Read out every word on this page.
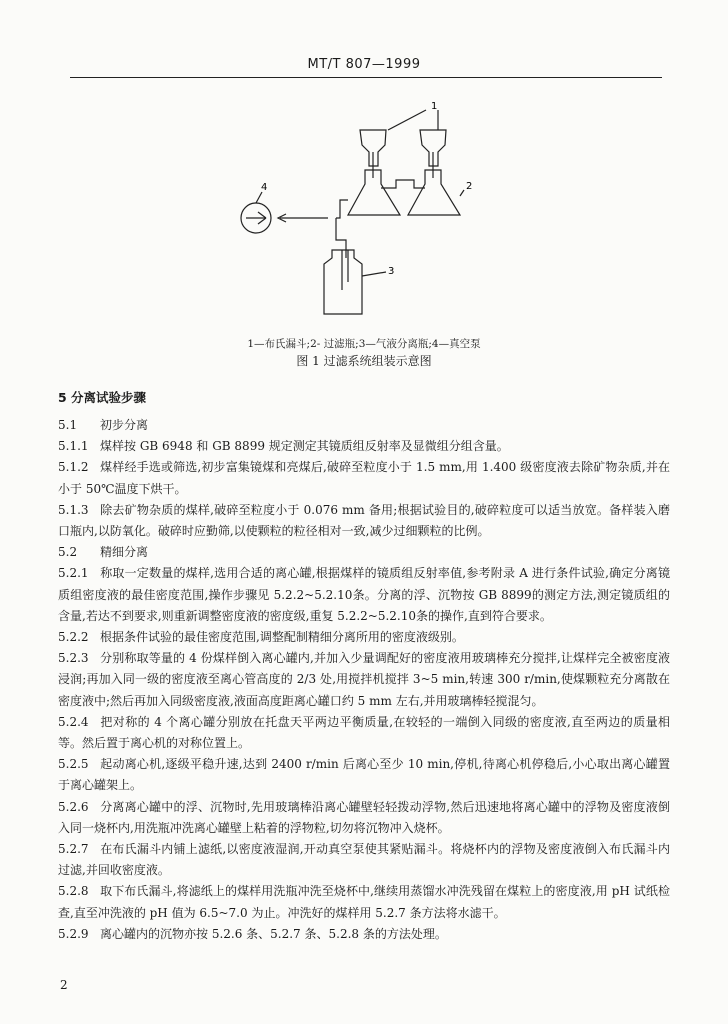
MT/T 807—1999
1
2
3
4
1—布氏漏斗;2- 过滤瓶;3—气液分离瓶;4—真空泵
图 1 过滤系统组装示意图
5 分离试验步骤
5.1 初步分离
5.1.1 煤样按 GB 6948 和 GB 8899 规定测定其镜质组反射率及显微组分组含量。
5.1.2 煤样经手选或筛选,初步富集镜煤和亮煤后,破碎至粒度小于 1.5 mm,用 1.400 级密度液去除矿物杂质,并在小于 50℃温度下烘干。
5.1.3 除去矿物杂质的煤样,破碎至粒度小于 0.076 mm 备用;根据试验目的,破碎粒度可以适当放宽。备样装入磨口瓶内,以防氧化。破碎时应勤筛,以使颗粒的粒径相对一致,减少过细颗粒的比例。
5.2 精细分离
5.2.1 称取一定数量的煤样,选用合适的离心罐,根据煤样的镜质组反射率值,参考附录 A 进行条件试验,确定分离镜质组密度液的最佳密度范围,操作步骤见 5.2.2~5.2.10条。分离的浮、沉物按 GB 8899的测定方法,测定镜质组的含量,若达不到要求,则重新调整密度液的密度级,重复 5.2.2~5.2.10条的操作,直到符合要求。
5.2.2 根据条件试验的最佳密度范围,调整配制精细分离所用的密度液级别。
5.2.3 分别称取等量的 4 份煤样倒入离心罐内,并加入少量调配好的密度液用玻璃棒充分搅拌,让煤样完全被密度液浸润;再加入同一级的密度液至离心管高度的 2/3 处,用搅拌机搅拌 3~5 min,转速 300 r/min,使煤颗粒充分离散在密度液中;然后再加入同级密度液,液面高度距离心罐口约 5 mm 左右,并用玻璃棒轻搅混匀。
5.2.4 把对称的 4 个离心罐分别放在托盘天平两边平衡质量,在较轻的一端倒入同级的密度液,直至两边的质量相等。然后置于离心机的对称位置上。
5.2.5 起动离心机,逐级平稳升速,达到 2400 r/min 后离心至少 10 min,停机,待离心机停稳后,小心取出离心罐置于离心罐架上。
5.2.6 分离离心罐中的浮、沉物时,先用玻璃棒沿离心罐壁轻轻拨动浮物,然后迅速地将离心罐中的浮物及密度液倒入同一烧杯内,用洗瓶冲洗离心罐壁上粘着的浮物粒,切勿将沉物冲入烧杯。
5.2.7 在布氏漏斗内铺上滤纸,以密度液湿润,开动真空泵使其紧贴漏斗。将烧杯内的浮物及密度液倒入布氏漏斗内过滤,并回收密度液。
5.2.8 取下布氏漏斗,将滤纸上的煤样用洗瓶冲洗至烧杯中,继续用蒸馏水冲洗残留在煤粒上的密度液,用 pH 试纸检查,直至冲洗液的 pH 值为 6.5~7.0 为止。冲洗好的煤样用 5.2.7 条方法将水滤干。
5.2.9 离心罐内的沉物亦按 5.2.6 条、5.2.7 条、5.2.8 条的方法处理。
2
